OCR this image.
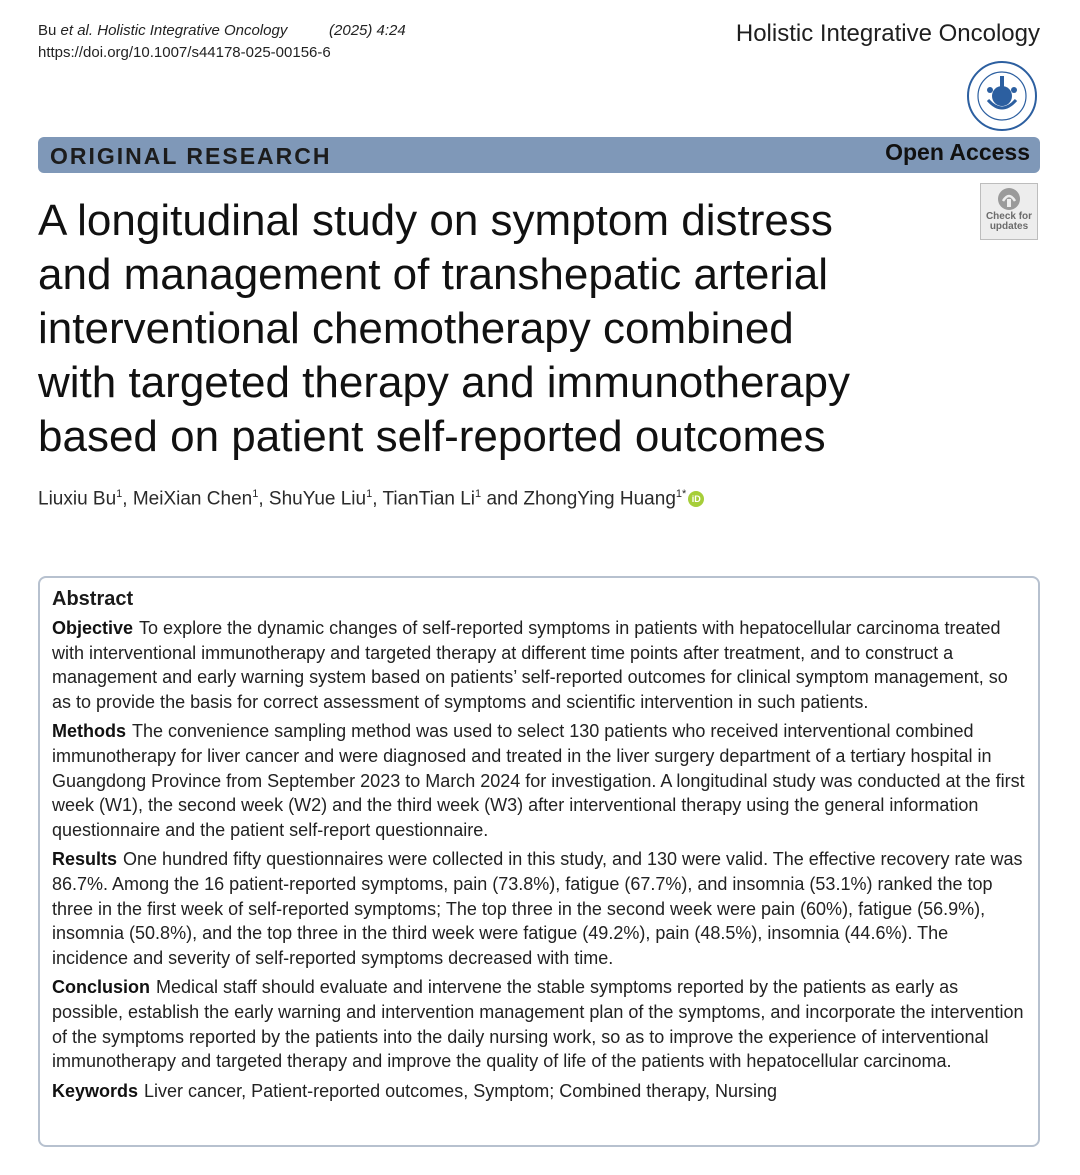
Bu et al. Holistic Integrative Oncology	(2025) 4:24
https://doi.org/10.1007/s44178-025-00156-6
Holistic Integrative Oncology
ORIGINAL RESEARCH	Open Access
Check for
updates
A longitudinal study on symptom distress
and management of transhepatic arterial
interventional chemotherapy combined
with targeted therapy and immunotherapy
based on patient self-reported outcomes
Liuxiu Bu$^1$, MeiXian Chen$^1$, ShuYue Liu$^1$, TianTian Li$^1$ and ZhongYing Huang$^{1*}$ iD
Abstract

Objective To explore the dynamic changes of self-reported symptoms in patients with hepatocellular carcinoma treated with interventional immunotherapy and targeted therapy at different time points after treatment, and to construct a management and early warning system based on patients’ self-reported outcomes for clinical symptom management, so as to provide the basis for correct assessment of symptoms and scientific intervention in such patients.

Methods The convenience sampling method was used to select 130 patients who received interventional combined immunotherapy for liver cancer and were diagnosed and treated in the liver surgery department of a tertiary hospital in Guangdong Province from September 2023 to March 2024 for investigation. A longitudinal study was conducted at the first week (W1), the second week (W2) and the third week (W3) after interventional therapy using the general information questionnaire and the patient self-report questionnaire.

Results One hundred fifty questionnaires were collected in this study, and 130 were valid. The effective recovery rate was 86.7%. Among the 16 patient-reported symptoms, pain (73.8%), fatigue (67.7%), and insomnia (53.1%) ranked the top three in the first week of self-reported symptoms; The top three in the second week were pain (60%), fatigue (56.9%), insomnia (50.8%), and the top three in the third week were fatigue (49.2%), pain (48.5%), insomnia (44.6%). The incidence and severity of self-reported symptoms decreased with time.

Conclusion Medical staff should evaluate and intervene the stable symptoms reported by the patients as early as possible, establish the early warning and intervention management plan of the symptoms, and incorporate the intervention of the symptoms reported by the patients into the daily nursing work, so as to improve the experience of interventional immunotherapy and targeted therapy and improve the quality of life of the patients with hepatocellular carcinoma.

Keywords Liver cancer, Patient-reported outcomes, Symptom; Combined therapy, Nursing
